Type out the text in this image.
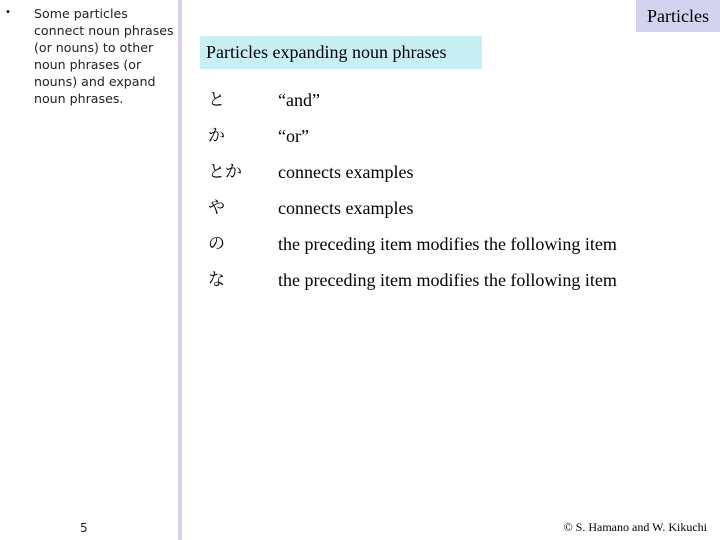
• Some particles connect noun phrases (or nouns) to other noun phrases (or nouns) and expand noun phrases.
5
Particles
Particles expanding noun phrases
と	“and”
か	“or”
とか	connects examples
や	connects examples
の	the preceding item modifies the following item
な	the preceding item modifies the following item
© S. Hamano and W. Kikuchi
